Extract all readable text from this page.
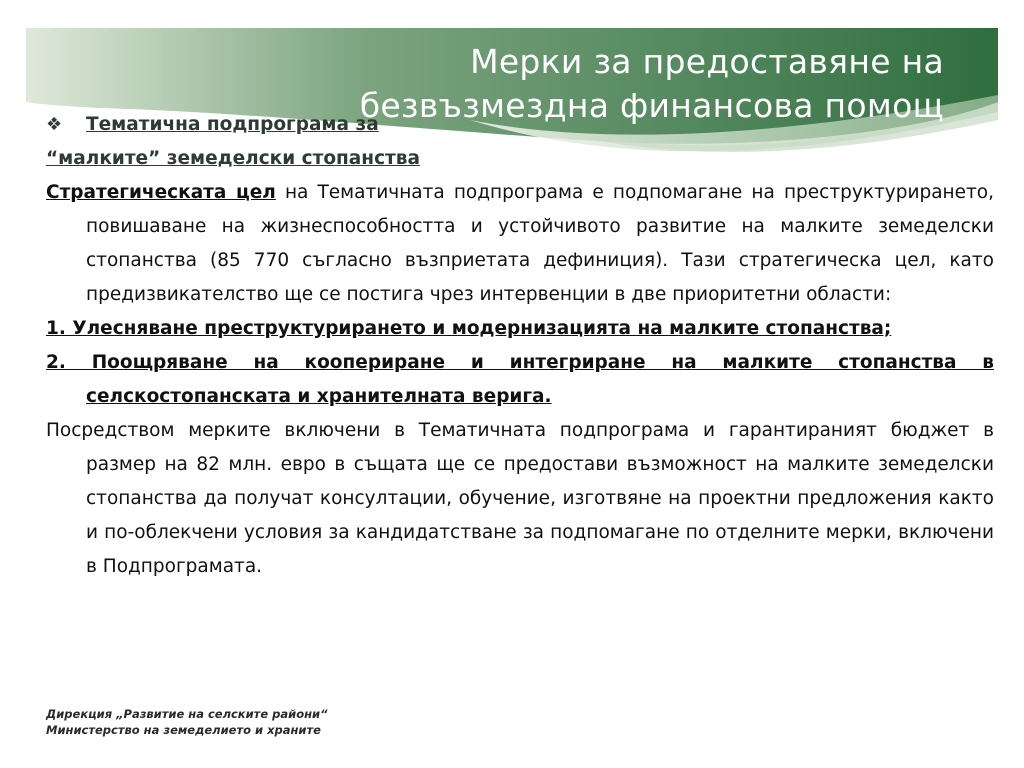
Мерки за предоставяне на безвъзмездна финансова помощ
❖	Тематична подпрограма за
“малките” земеделски стопанства
Стратегическата цел на Тематичната подпрограма е подпомагане на преструктурирането, повишаване на жизнеспособността и устойчивото развитие на малките земеделски стопанства (85 770 съгласно възприетата дефиниция). Тази стратегическа цел, като предизвикателство ще се постига чрез интервенции в две приоритетни области:
1. Улесняване преструктурирането и модернизацията на малките стопанства;
2. Поощряване на коопериране и интегриране на малките стопанства в селскостопанската и хранителната верига.
Посредством мерките включени в Тематичната подпрограма и гарантираният бюджет в размер на 82 млн. евро в същата ще се предостави възможност на малките земеделски стопанства да получат консултации, обучение, изготвяне на проектни предложения както и по-облекчени условия за кандидатстване за подпомагане по отделните мерки, включени в Подпрограмата.
Дирекция „Развитие на селските райони“
Министерство на земеделието и храните
